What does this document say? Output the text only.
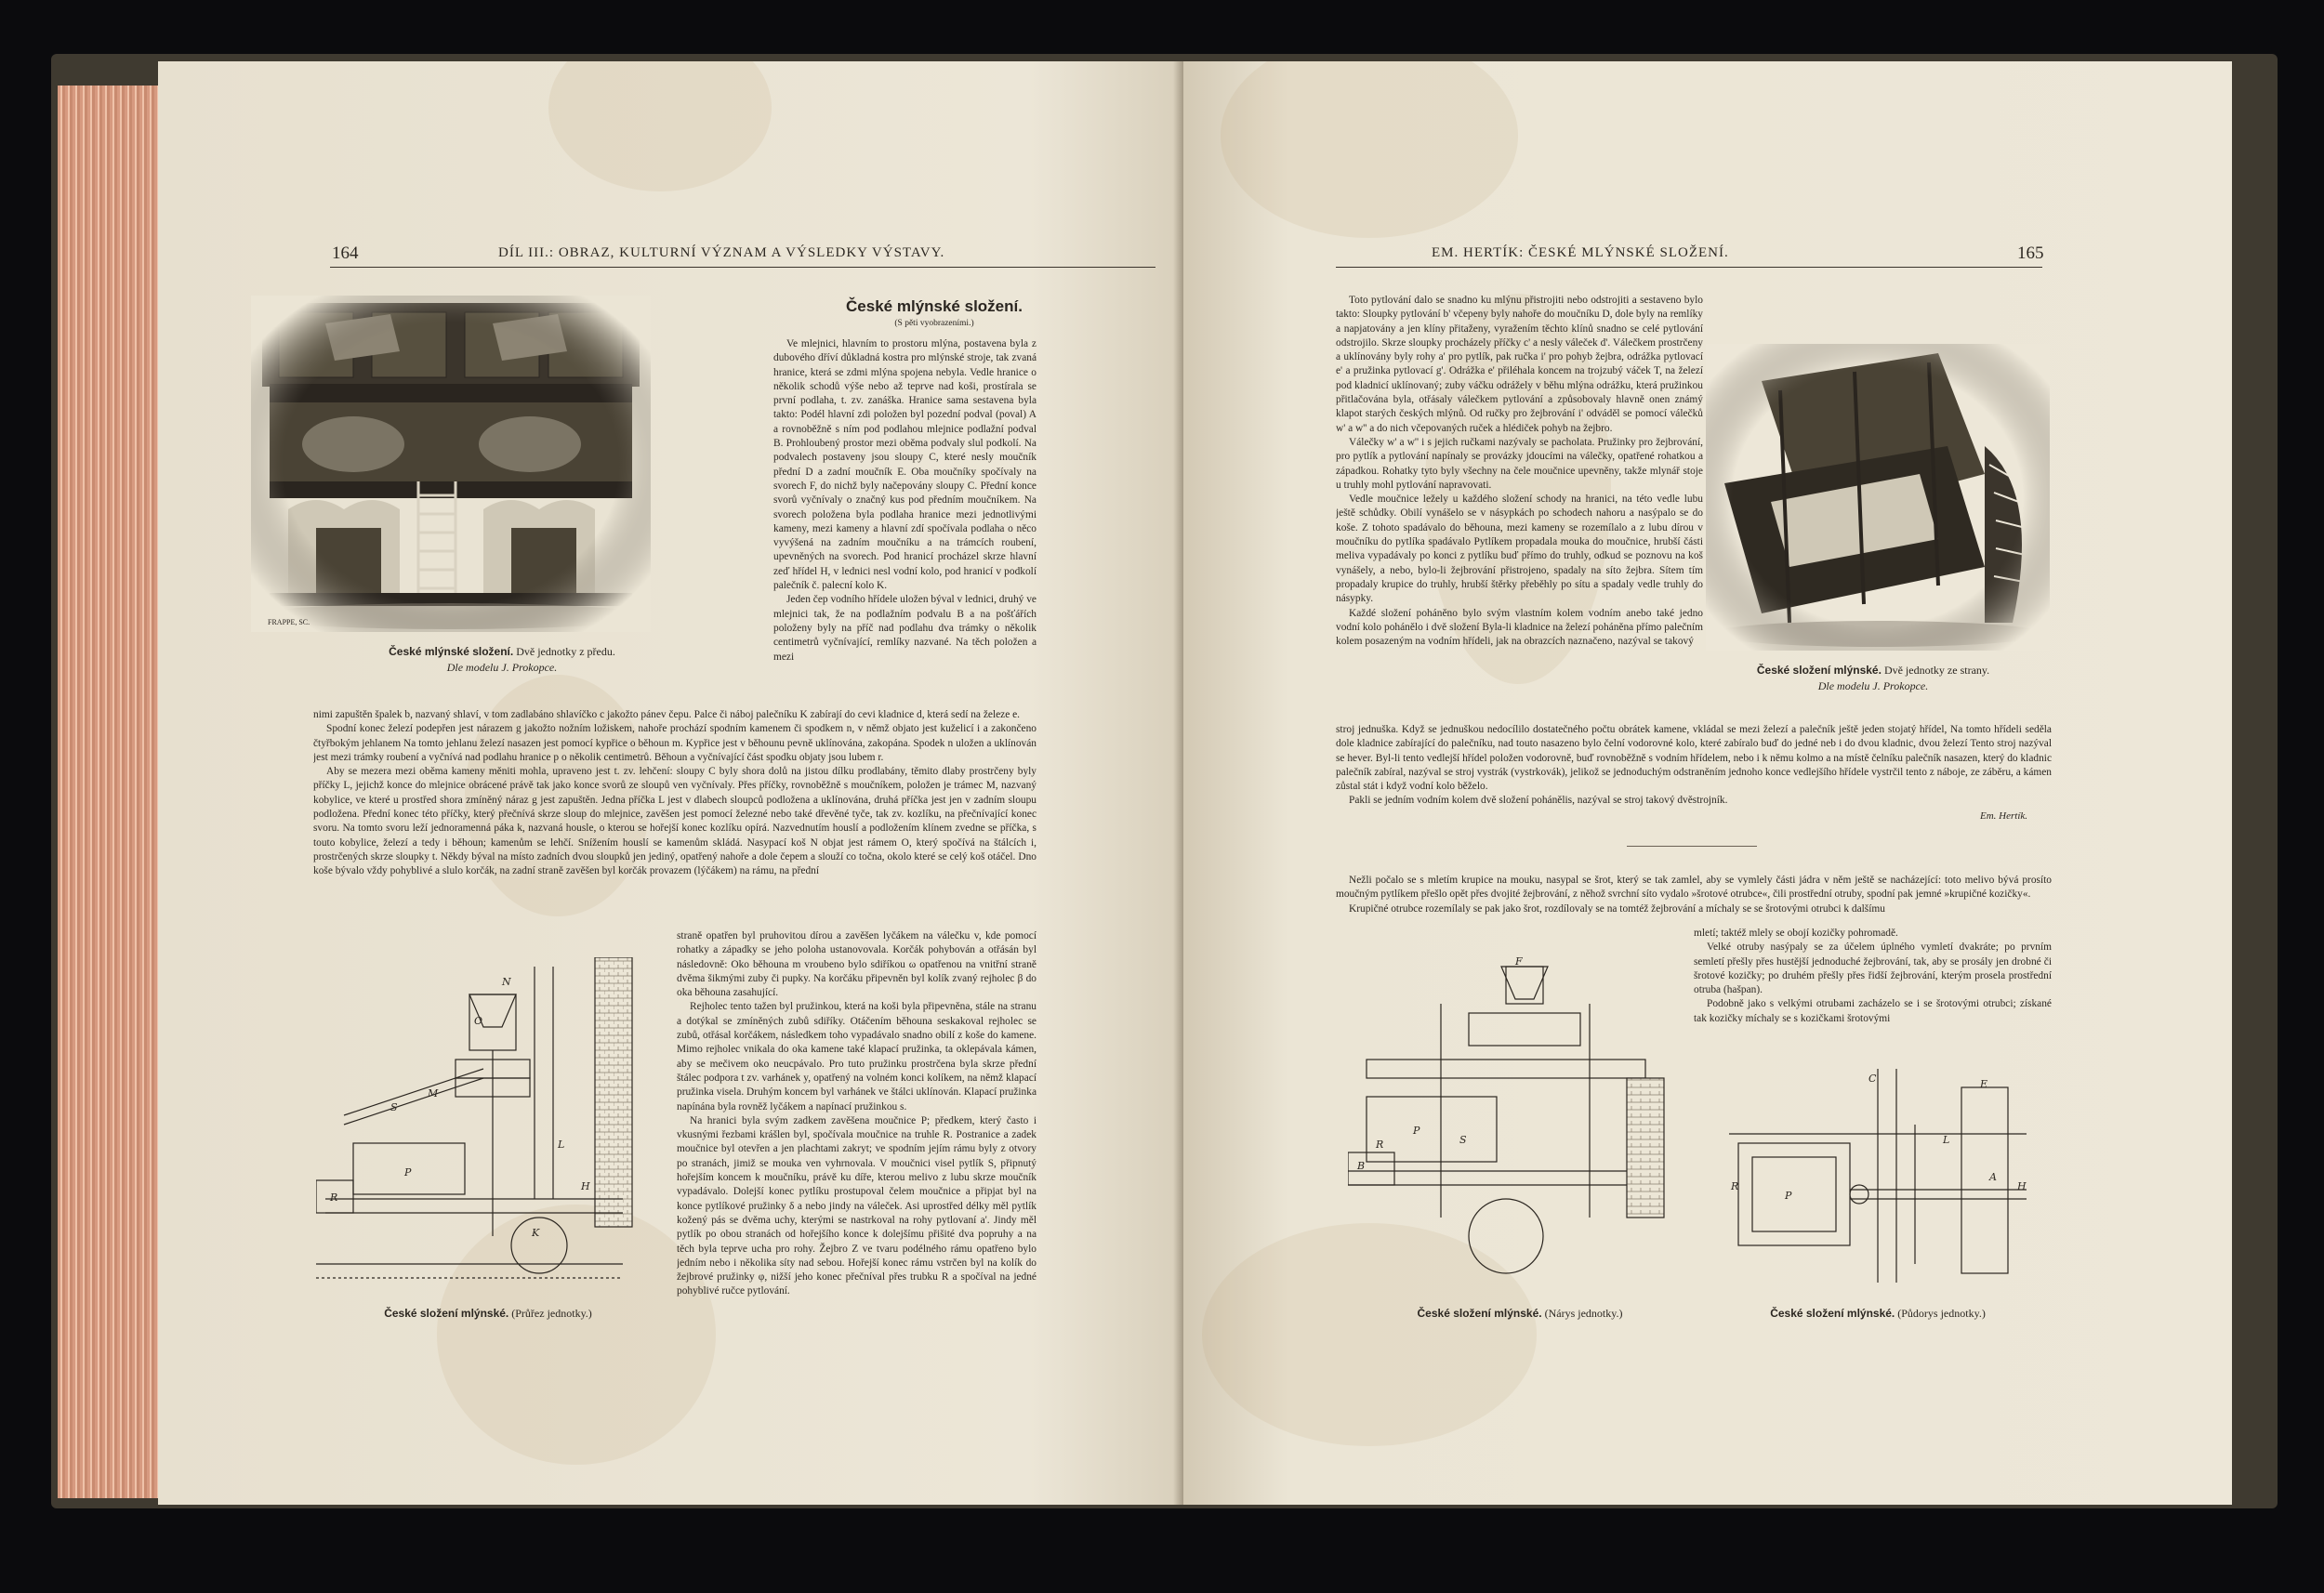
164	DÍL III.: OBRAZ, KULTURNÍ VÝZNAM A VÝSLEDKY VÝSTAVY.
FRAPPE, SC.
České mlýnské složení. Dvě jednotky z předu.
Dle modelu J. Prokopce.
České mlýnské složení.
(S pěti vyobrazeními.)

Ve mlejnici, hlavním to prostoru mlýna, postavena byla z dubového dříví důkladná kostra pro mlýnské stroje, tak zvaná hranice, která se zdmi mlýna spojena nebyla. Vedle hranice o několik schodů výše nebo až teprve nad koši, prostírala se první podlaha, t. zv. zanáška. Hranice sama sestavena byla takto: Podél hlavní zdi položen byl pozední podval (poval) A a rovnoběžně s ním pod podlahou mlejnice podlažní podval B. Prohloubený prostor mezi oběma podvaly slul podkolí. Na podvalech postaveny jsou sloupy C, které nesly moučník přední D a zadní moučník E. Oba moučníky spočívaly na svorech F, do nichž byly načepovány sloupy C. Přední konce svorů vyčnívaly o značný kus pod předním moučníkem. Na svorech položena byla podlaha hranice mezi jednotlivými kameny, mezi kameny a hlavní zdí spočívala podlaha o něco vyvýšená na zadním moučníku a na trámcích roubení, upevněných na svorech. Pod hranicí procházel skrze hlavní zeď hřídel H, v lednici nesl vodní kolo, pod hranicí v podkolí palečník č. palecní kolo K.

Jeden čep vodního hřídele uložen býval v lednici, druhý ve mlejnici tak, že na podlažním podvalu B a na pošťářích položeny byly na příč nad podlahu dva trámky o několik centimetrů vyčnívající, remlíky nazvané. Na těch položen a mezi

nimi zapuštěn špalek b, nazvaný shlaví, v tom zadlabáno shlavíčko c jakožto pánev čepu. Palce či náboj palečníku K zabírají do cevi kladnice d, která sedí na železe e.

Spodní konec železí podepřen jest nárazem g jakožto nožním ložiskem, nahoře prochází spodním kamenem či spodkem n, v němž objato jest kuželicí i a zakončeno čtyřbokým jehlanem Na tomto jehlanu železí nasazen jest pomocí kypřice o běhoun m. Kypřice jest v běhounu pevně uklínována, zakopána. Spodek n uložen a uklínován jest mezi trámky roubení a vyčnívá nad podlahu hranice p o několik centimetrů. Běhoun a vyčnívající část spodku objaty jsou lubem r.

Aby se mezera mezi oběma kameny měniti mohla, upraveno jest t. zv. lehčení: sloupy C byly shora dolů na jistou dílku prodlabány, těmito dlaby prostrčeny byly příčky L, jejichž konce do mlejnice obrácené právě tak jako konce svorů ze sloupů ven vyčnívaly. Přes příčky, rovnoběžně s moučníkem, položen je trámec M, nazvaný kobylice, ve které u prostřed shora zmíněný náraz g jest zapuštěn. Jedna příčka L jest v dlabech sloupců podložena a uklínována, druhá příčka jest jen v zadním sloupu podložena. Přední konec této příčky, který přečnívá skrze sloup do mlejnice, zavěšen jest pomocí železné nebo také dřevěné tyče, tak zv. kozlíku, na přečnívající konec svoru. Na tomto svoru leží jednoramenná páka k, nazvaná housle, o kterou se hořejší konec kozlíku opírá. Nazvednutím houslí a podložením klínem zvedne se příčka, s touto kobylice, železí a tedy i běhoun; kamenům se lehčí. Snížením houslí se kamenům skládá. Nasypací koš N objat jest rámem O, který spočívá na štálcích i, prostrčených skrze sloupky t. Někdy býval na místo zadních dvou sloupků jen jediný, opatřený nahoře a dole čepem a slouží co točna, okolo které se celý koš otáčel. Dno koše bývalo vždy pohyblivé a slulo korčák, na zadní straně zavěšen byl korčák provazem (lýčákem) na rámu, na přední

N
O
M
S
P
R
H
L
K

straně opatřen byl pruhovitou dírou a zavěšen lyčákem na válečku v, kde pomocí rohatky a západky se jeho poloha ustanovovala. Korčák pohybován a otřásán byl následovně: Oko běhouna m vroubeno bylo sdiříkou ω opatřenou na vnitřní straně dvěma šikmými zuby či pupky. Na korčáku připevněn byl kolík zvaný rejholec β do oka běhouna zasahující.

Rejholec tento tažen byl pružinkou, která na koši byla připevněna, stále na stranu a dotýkal se zmíněných zubů sdiříky. Otáčením běhouna seskakoval rejholec se zubů, otřásal korčákem, následkem toho vypadávalo snadno obilí z koše do kamene. Mimo rejholec vnikala do oka kamene také klapací pružinka, ta oklepávala kámen, aby se mečivem oko neucpávalo. Pro tuto pružinku prostrčena byla skrze přední štálec podpora t zv. varhánek y, opatřený na volném konci kolíkem, na němž klapací pružinka visela. Druhým koncem byl varhánek ve štálci uklínován. Klapací pružinka napínána byla rovněž lyčákem a napínací pružinkou s.

Na hranici byla svým zadkem zavěšena moučnice P; předkem, který často i vkusnými řezbami krášlen byl, spočívala moučnice na truhle R. Postranice a zadek moučnice byl otevřen a jen plachtami zakryt; ve spodním jejím rámu byly z otvory po stranách, jimiž se mouka ven vyhrnovala. V moučnici visel pytlík S, připnutý hořejším koncem k moučníku, právě ku díře, kterou melivo z lubu skrze moučník vypadávalo. Dolejší konec pytlíku prostupoval čelem moučnice a připjat byl na konce pytlíkové pružinky δ a nebo jindy na váleček. Asi uprostřed délky měl pytlík kožený pás se dvěma uchy, kterými se nastrkoval na rohy pytlovaní a'. Jindy měl pytlík po obou stranách od hořejšího konce k dolejšímu přišité dva popruhy a na těch byla teprve ucha pro rohy. Žejbro Z ve tvaru podélného rámu opatřeno bylo jedním nebo i několika síty nad sebou. Hořejší konec rámu vstrčen byl na kolík do žejbrové pružinky φ, nižší jeho konec přečníval přes trubku R a spočíval na jedné pohyblivé ručce pytlování.

České složení mlýnské. (Průřez jednotky.)
EM. HERTÍK: ČESKÉ MLÝNSKÉ SLOŽENÍ.	165

Toto pytlování dalo se snadno ku mlýnu přistrojiti nebo odstrojiti a sestaveno bylo takto: Sloupky pytlování b' včepeny byly nahoře do moučníku D, dole byly na remlíky a napjatovány a jen klíny přitaženy, vyražením těchto klínů snadno se celé pytlování odstrojilo. Skrze sloupky procházely příčky c' a nesly váleček d'. Válečkem prostrčeny a uklínovány byly rohy a' pro pytlík, pak ručka i' pro pohyb žejbra, odrážka pytlovací e' a pružinka pytlovací g'. Odrážka e' přiléhala koncem na trojzubý váček T, na železí pod kladnicí uklínovaný; zuby váčku odrážely v běhu mlýna odrážku, která pružinkou přitlačována byla, otřásaly válečkem pytlování a způsobovaly hlavně onen známý klapot starých českých mlýnů. Od ručky pro žejbrování i' odváděl se pomocí válečků w' a w'' a do nich včepovaných ruček a hlédiček pohyb na žejbro.

Válečky w' a w'' i s jejich ručkami nazývaly se pacholata. Pružinky pro žejbrování, pro pytlík a pytlování napínaly se provázky jdoucími na válečky, opatřené rohatkou a západkou. Rohatky tyto byly všechny na čele moučnice upevněny, takže mlynář stoje u truhly mohl pytlování napravovati.

Vedle moučnice ležely u každého složení schody na hranici, na této vedle lubu ještě schůdky. Obilí vynášelo se v násypkách po schodech nahoru a nasýpalo se do koše. Z tohoto spadávalo do běhouna, mezi kameny se rozemílalo a z lubu dírou v moučníku do pytlíka spadávalo Pytlíkem propadala mouka do moučnice, hrubší části meliva vypadávaly po konci z pytlíku buď přímo do truhly, odkud se poznovu na koš vynášely, a nebo, bylo-li žejbrování přistrojeno, spadaly na síto žejbra. Sítem tím propadaly krupice do truhly, hrubší štěrky přeběhly po sítu a spadaly vedle truhly do násypky.

Každé složení poháněno bylo svým vlastním kolem vodním anebo také jedno vodní kolo pohánělo i dvě složení Byla-li kladnice na železí poháněna přímo palečním kolem posazeným na vodním hřídeli, jak na obrazcích naznačeno, nazýval se takový

České složení mlýnské. Dvě jednotky ze strany.
Dle modelu J. Prokopce.

stroj jednuška. Když se jednuškou nedocílilo dostatečného počtu obrátek kamene, vkládal se mezi železí a palečník ještě jeden stojatý hřídel, Na tomto hřídeli seděla dole kladnice zabírající do palečníku, nad touto nasazeno bylo čelní vodorovné kolo, které zabíralo buď do jedné neb i do dvou kladnic, dvou železí Tento stroj nazýval se hever. Byl-li tento vedlejší hřídel položen vodorovně, buď rovnoběžně s vodním hřídelem, nebo i k němu kolmo a na místě čelníku palečník nasazen, který do kladnic palečník zabíral, nazýval se stroj vystrák (vystrkovák), jelikož se jednoduchým odstraněním jednoho konce vedlejšího hřídele vystrčil tento z náboje, ze záběru, a kámen zůstal stát i když vodní kolo běželo.

Pakli se jedním vodním kolem dvě složení pohánělis, nazýval se stroj takový dvěstrojník.

Em. Hertík.

Nežli počalo se s mletím krupice na mouku, nasypal se šrot, který se tak zamlel, aby se vymlely části jádra v něm ještě se nacházející: toto melivo bývá prosíto moučným pytlíkem přešlo opět přes dvojité žejbrování, z něhož svrchní síto vydalo »šrotové otrubce«, čili prostřední otruby, spodní pak jemné »krupičné kozičky«.

Krupičné otrubce rozemílaly se pak jako šrot, rozdílovaly se na tomtéž žejbrování a míchaly se se šrotovými otrubci k dalšímu

F
P
B
S
R

mletí; taktéž mlely se obojí kozičky pohromadě.

Velké otruby nasýpaly se za účelem úplného vymletí dvakráte; po prvním semletí přešly přes hustější jednoduché žejbrování, tak, aby se prosály jen drobné či šrotové kozičky; po druhém přešly přes řidší žejbrování, kterým prosela prostřední otruba (hašpan).

Podobně jako s velkými otrubami zacházelo se i se šrotovými otrubci; získané tak kozičky míchaly se s kozičkami šrotovými

C
L
E
A
H
P
R
České složení mlýnské. (Nárys jednotky.)	České složení mlýnské. (Půdorys jednotky.)
